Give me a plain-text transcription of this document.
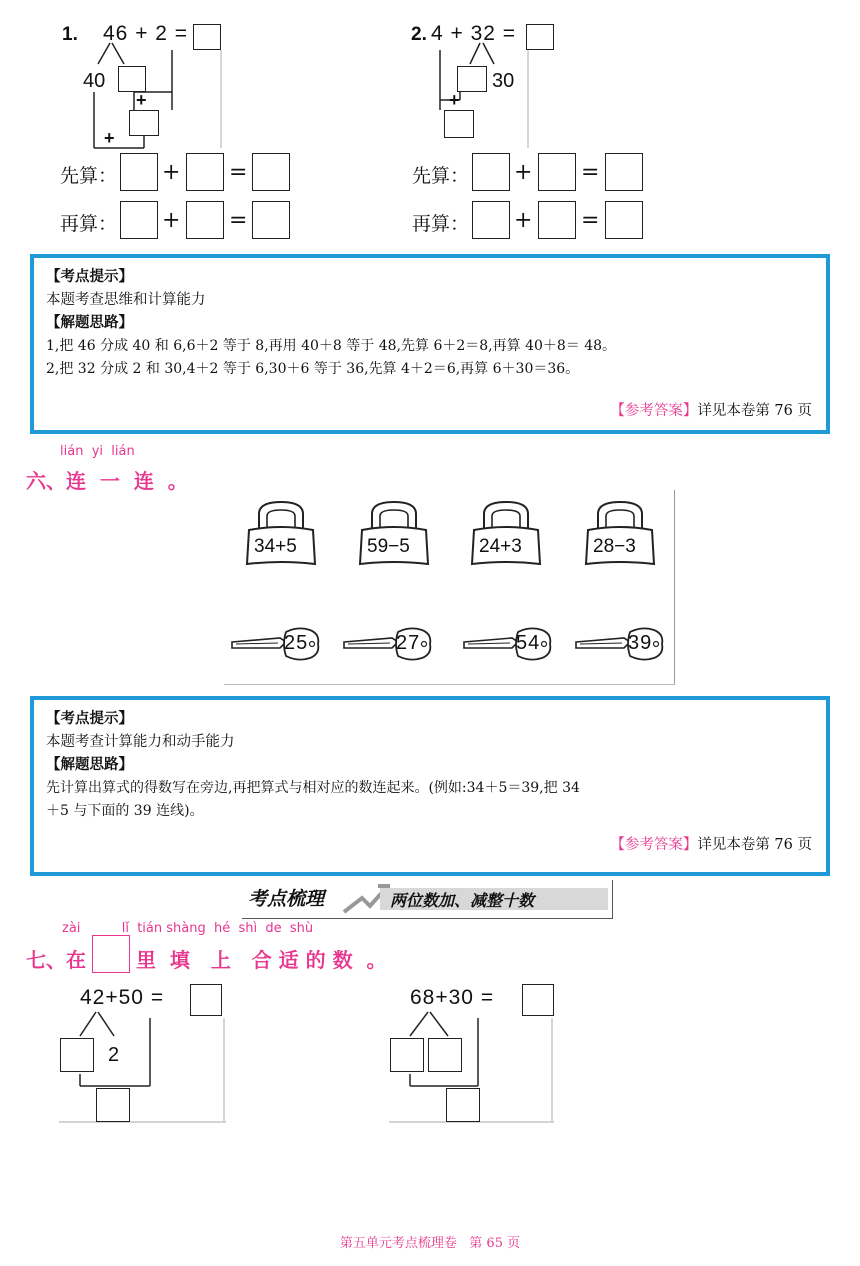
1. 46 + 2 =
40
+
+
2. 4 + 32 =
30
+
先算： + =
再算： + =
先算： + =
再算： + =
【考点提示】
本题考查思维和计算能力
【解题思路】
1,把 46 分成 40 和 6,6＋2 等于 8,再用 40＋8 等于 48,先算 6＋2＝8,再算 40＋8＝ 48。
2,把 32 分成 2 和 30,4＋2 等于 6,30＋6 等于 36,先算 4＋2＝6,再算 6＋30＝36。
【参考答案】详见本卷第 76 页
lián  yi  lián
六、连  一  连  。
34+5	59−5	24+3	28−3
25	27	54	39
【考点提示】
本题考查计算能力和动手能力
【解题思路】
先计算出算式的得数写在旁边,再把算式与相对应的数连起来。(例如:34＋5＝39,把 34
＋5 与下面的 39 连线)。
【参考答案】详见本卷第 76 页
考点梳理	两位数加、减整十数
zài          lǐ  tián shàng  hé  shì  de  shù
七、在	里  填   上   合 适 的 数  。
42+50 =
2
68+30 =
第五单元考点梳理卷   第 65 页
